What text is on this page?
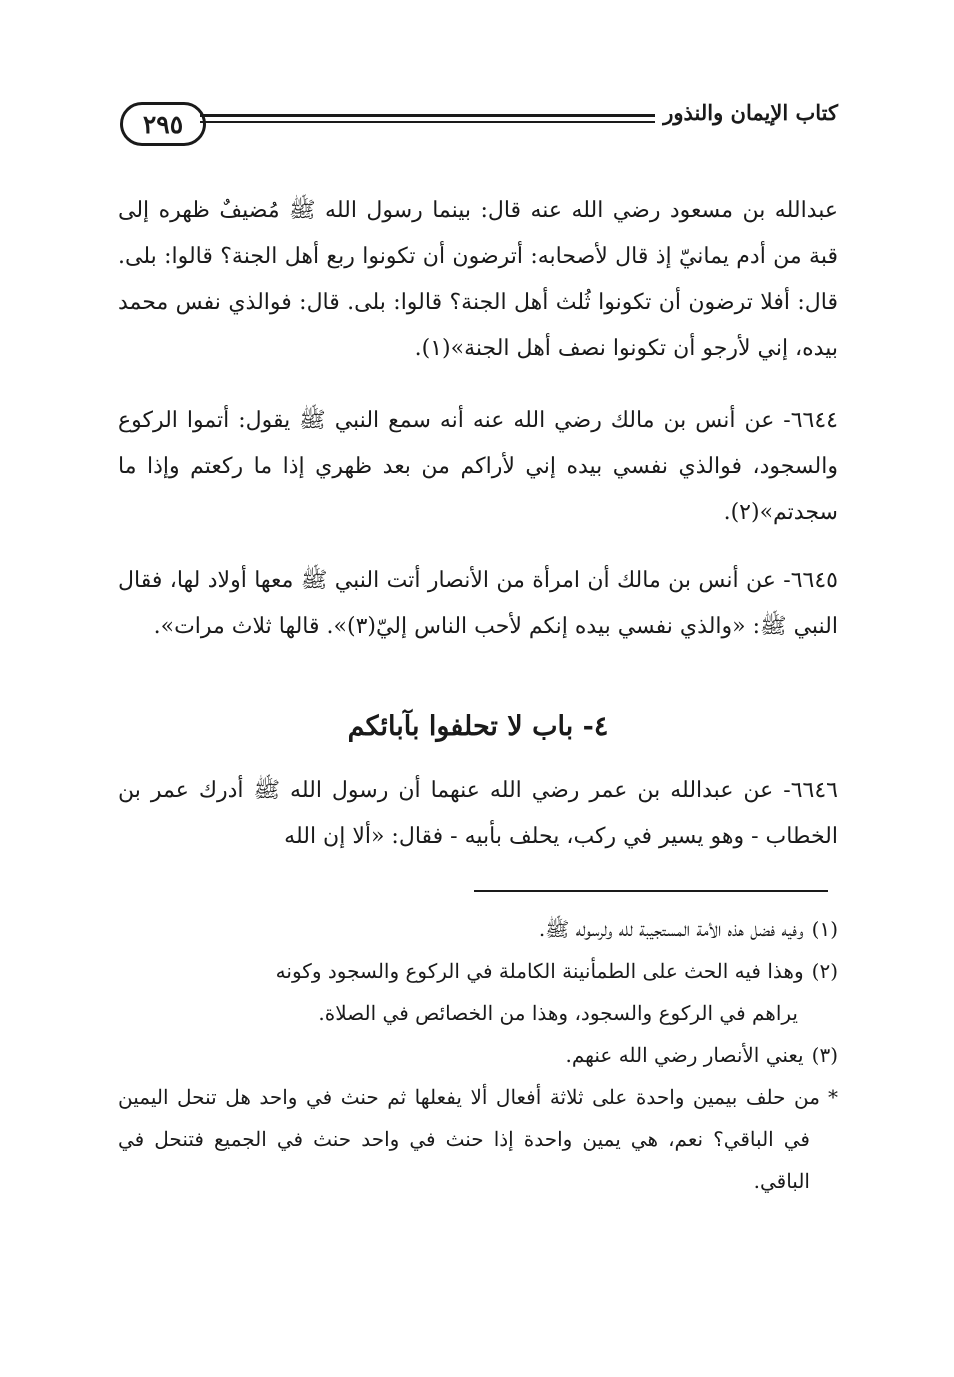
٢٩٥	كتاب الإيمان والنذور

عبدالله بن مسعود رضي الله عنه قال: بينما رسول الله ﷺ مُضيفٌ ظهره إلى قبة من أدم يمانيّ إذ قال لأصحابه: أترضون أن تكونوا ربع أهل الجنة؟ قالوا: بلى. قال: أفلا ترضون أن تكونوا ثُلث أهل الجنة؟ قالوا: بلى. قال: فوالذي نفس محمد بيده، إني لأرجو أن تكونوا نصف أهل الجنة»(١).

٦٦٤٤- عن أنس بن مالك رضي الله عنه أنه سمع النبي ﷺ يقول: أتموا الركوع والسجود، فوالذي نفسي بيده إني لأراكم من بعد ظهري إذا ما ركعتم وإذا ما سجدتم»(٢).

٦٦٤٥- عن أنس بن مالك أن امرأة من الأنصار أتت النبي ﷺ معها أولاد لها، فقال النبي ﷺ: «والذي نفسي بيده إنكم لأحب الناس إليّ(٣)». قالها ثلاث مرات».

٤- باب لا تحلفوا بآبائكم

٦٦٤٦- عن عبدالله بن عمر رضي الله عنهما أن رسول الله ﷺ أدرك عمر بن الخطاب - وهو يسير في ركب، يحلف بأبيه - فقال: «ألا إن الله

(١)وفيه فضل هذه الأمة المستجيبة لله ولرسوله ﷺ.

(٢)وهذا فيه الحث على الطمأنينة الكاملة في الركوع والسجود وكونه

يراهم في الركوع والسجود، وهذا من الخصائص في الصلاة.

(٣)يعني الأنصار رضي الله عنهم.

*من حلف بيمين واحدة على ثلاثة أفعال ألا يفعلها ثم حنث في واحد هل تنحل اليمين في الباقي؟ نعم، هي يمين واحدة إذا حنث في واحد حنث في الجميع فتنحل في الباقي.
